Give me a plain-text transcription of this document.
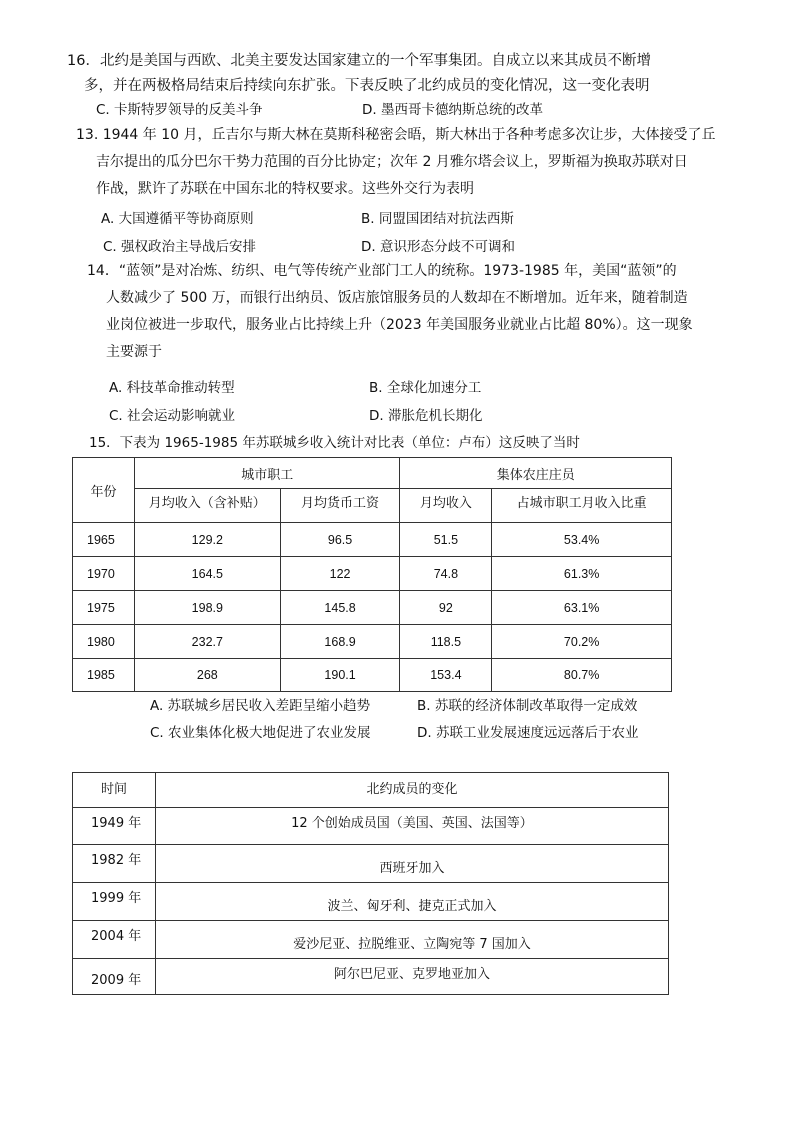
16．北约是美国与西欧、北美主要发达国家建立的一个军事集团。自成立以来其成员不断增
多，并在两极格局结束后持续向东扩张。下表反映了北约成员的变化情况，这一变化表明
C. 卡斯特罗领导的反美斗争	D. 墨西哥卡德纳斯总统的改革
13. 1944 年 10 月，丘吉尔与斯大林在莫斯科秘密会晤，斯大林出于各种考虑多次让步，大体接受了丘
吉尔提出的瓜分巴尔干势力范围的百分比协定；次年 2 月雅尔塔会议上，罗斯福为换取苏联对日
作战，默许了苏联在中国东北的特权要求。这些外交行为表明
A. 大国遵循平等协商原则	B. 同盟国团结对抗法西斯
C. 强权政治主导战后安排	D. 意识形态分歧不可调和
14．“蓝领”是对冶炼、纺织、电气等传统产业部门工人的统称。1973-1985 年，美国“蓝领”的
人数减少了 500 万，而银行出纳员、饭店旅馆服务员的人数却在不断增加。近年来，随着制造
业岗位被进一步取代，服务业占比持续上升（2023 年美国服务业就业占比超 80%）。这一现象
主要源于
A. 科技革命推动转型	B. 全球化加速分工
C. 社会运动影响就业	D. 滞胀危机长期化
15．下表为 1965-1985 年苏联城乡收入统计对比表（单位：卢布）这反映了当时
年份	城市职工		集体农庄庄员	
	月均收入（含补贴）	月均货币工资	月均收入	占城市职工月收入比重
1965	129.2	96.5	51.5	53.4%
1970	164.5	122	74.8	61.3%
1975	198.9	145.8	92	63.1%
1980	232.7	168.9	118.5	70.2%
1985	268	190.1	153.4	80.7%
A. 苏联城乡居民收入差距呈缩小趋势	B. 苏联的经济体制改革取得一定成效
C. 农业集体化极大地促进了农业发展	D. 苏联工业发展速度远远落后于农业
时间	北约成员的变化
1949 年	12 个创始成员国（美国、英国、法国等）
1982 年	西班牙加入
1999 年	波兰、匈牙利、捷克正式加入
2004 年	爱沙尼亚、拉脱维亚、立陶宛等 7 国加入
2009 年	阿尔巴尼亚、克罗地亚加入
